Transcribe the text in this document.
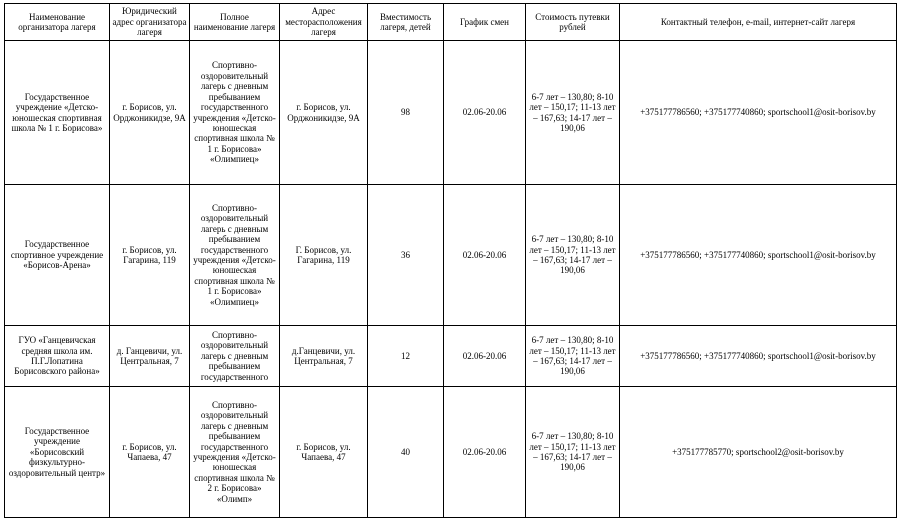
Наименование организатора лагеря	Юридический адрес организатора лагеря	Полное наименование лагеря	Адрес месторасположения лагеря	Вместимость лагеря, детей	График смен	Стоимость путевки рублей	Контактный телефон, e-mail, интернет-сайт лагеря
Государственное учреждение «Детско-юношеская спортивная школа № 1 г. Борисова»	г. Борисов, ул. Орджоникидзе, 9А	Спортивно-оздоровительный лагерь с дневным пребыванием государственного учреждения «Детско-юношеская спортивная школа № 1 г. Борисова» «Олимпиец»	г. Борисов, ул. Орджоникидзе, 9А	98	02.06-20.06	6-7 лет – 130,80; 8-10 лет – 150,17; 11-13 лет – 167,63; 14-17 лет – 190,06	+375177786560; +375177740860; sportschool1@osit-borisov.by
Государственное спортивное учреждение «Борисов-Арена»	г. Борисов, ул. Гагарина, 119	Спортивно-оздоровительный лагерь с дневным пребыванием государственного учреждения «Детско-юношеская спортивная школа № 1 г. Борисова» «Олимпиец»	Г. Борисов, ул. Гагарина, 119	36	02.06-20.06	6-7 лет – 130,80; 8-10 лет – 150,17; 11-13 лет – 167,63; 14-17 лет – 190,06	+375177786560; +375177740860; sportschool1@osit-borisov.by
ГУО «Ганцевичская средняя школа им. П.Г.Лопатина Борисовского района»	д. Ганцевичи, ул. Центральная, 7	Спортивно-оздоровительный лагерь с дневным пребыванием государственного	д.Ганцевичи, ул. Центральная, 7	12	02.06-20.06	6-7 лет – 130,80; 8-10 лет – 150,17; 11-13 лет – 167,63; 14-17 лет – 190,06	+375177786560; +375177740860; sportschool1@osit-borisov.by
Государственное учреждение «Борисовский физкультурно-оздоровительный центр»	г. Борисов, ул. Чапаева, 47	Спортивно-оздоровительный лагерь с дневным пребыванием государственного учреждения «Детско-юношеская спортивная школа № 2 г. Борисова» «Олимп»	г. Борисов, ул. Чапаева, 47	40	02.06-20.06	6-7 лет – 130,80; 8-10 лет – 150,17; 11-13 лет – 167,63; 14-17 лет – 190,06	+375177785770; sportschool2@osit-borisov.by
